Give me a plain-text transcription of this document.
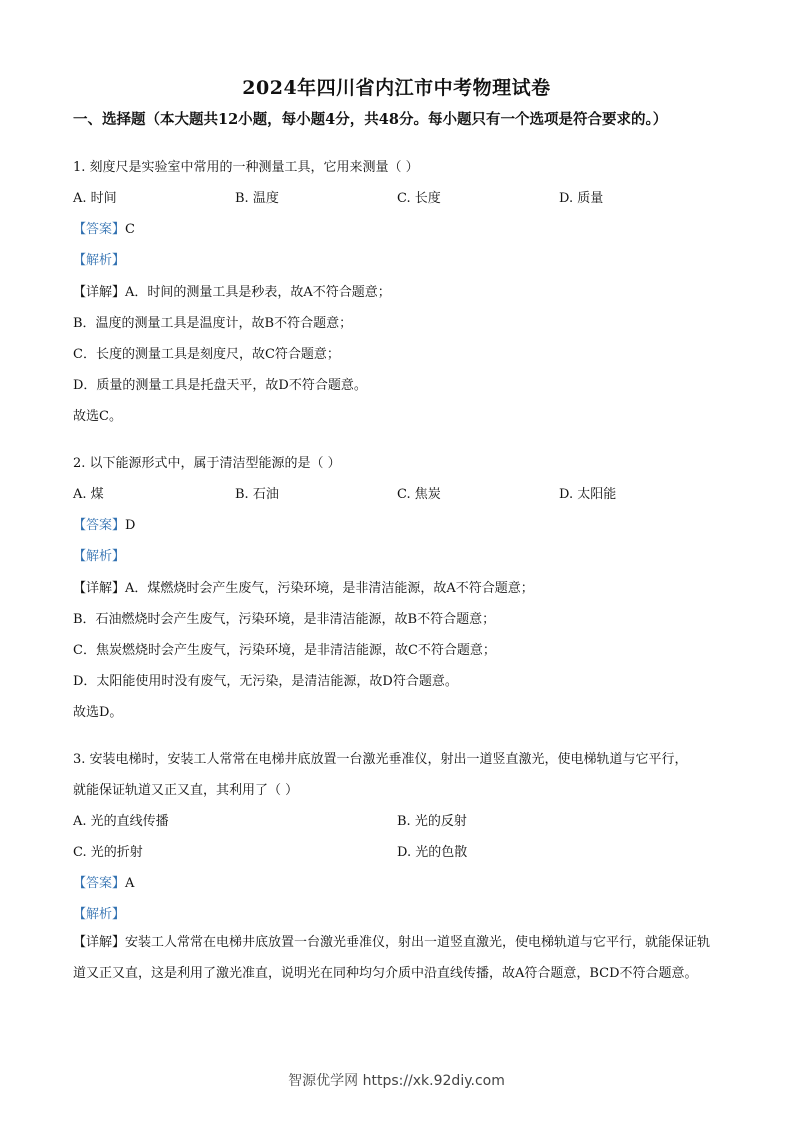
2024年四川省内江市中考物理试卷
一、选择题（本大题共12小题，每小题4分，共48分。每小题只有一个选项是符合要求的。）
1. 刻度尺是实验室中常用的一种测量工具，它用来测量（ ）
A. 时间	B. 温度	C. 长度	D. 质量
【答案】C
【解析】
【详解】A．时间的测量工具是秒表，故A不符合题意；
B．温度的测量工具是温度计，故B不符合题意；
C．长度的测量工具是刻度尺，故C符合题意；
D．质量的测量工具是托盘天平，故D不符合题意。
故选C。
2. 以下能源形式中，属于清洁型能源的是（ ）
A. 煤	B. 石油	C. 焦炭	D. 太阳能
【答案】D
【解析】
【详解】A．煤燃烧时会产生废气，污染环境，是非清洁能源，故A不符合题意；
B．石油燃烧时会产生废气，污染环境，是非清洁能源，故B不符合题意；
C．焦炭燃烧时会产生废气，污染环境，是非清洁能源，故C不符合题意；
D．太阳能使用时没有废气，无污染，是清洁能源，故D符合题意。
故选D。
3. 安装电梯时，安装工人常常在电梯井底放置一台激光垂准仪，射出一道竖直激光，使电梯轨道与它平行，
就能保证轨道又正又直，其利用了（ ）
A. 光的直线传播	B. 光的反射
C. 光的折射	D. 光的色散
【答案】A
【解析】
【详解】安装工人常常在电梯井底放置一台激光垂准仪，射出一道竖直激光，使电梯轨道与它平行，就能保证轨道又正又直，这是利用了激光准直，说明光在同种均匀介质中沿直线传播，故A符合题意，BCD不符合题意。
智源优学网 https://xk.92diy.com
